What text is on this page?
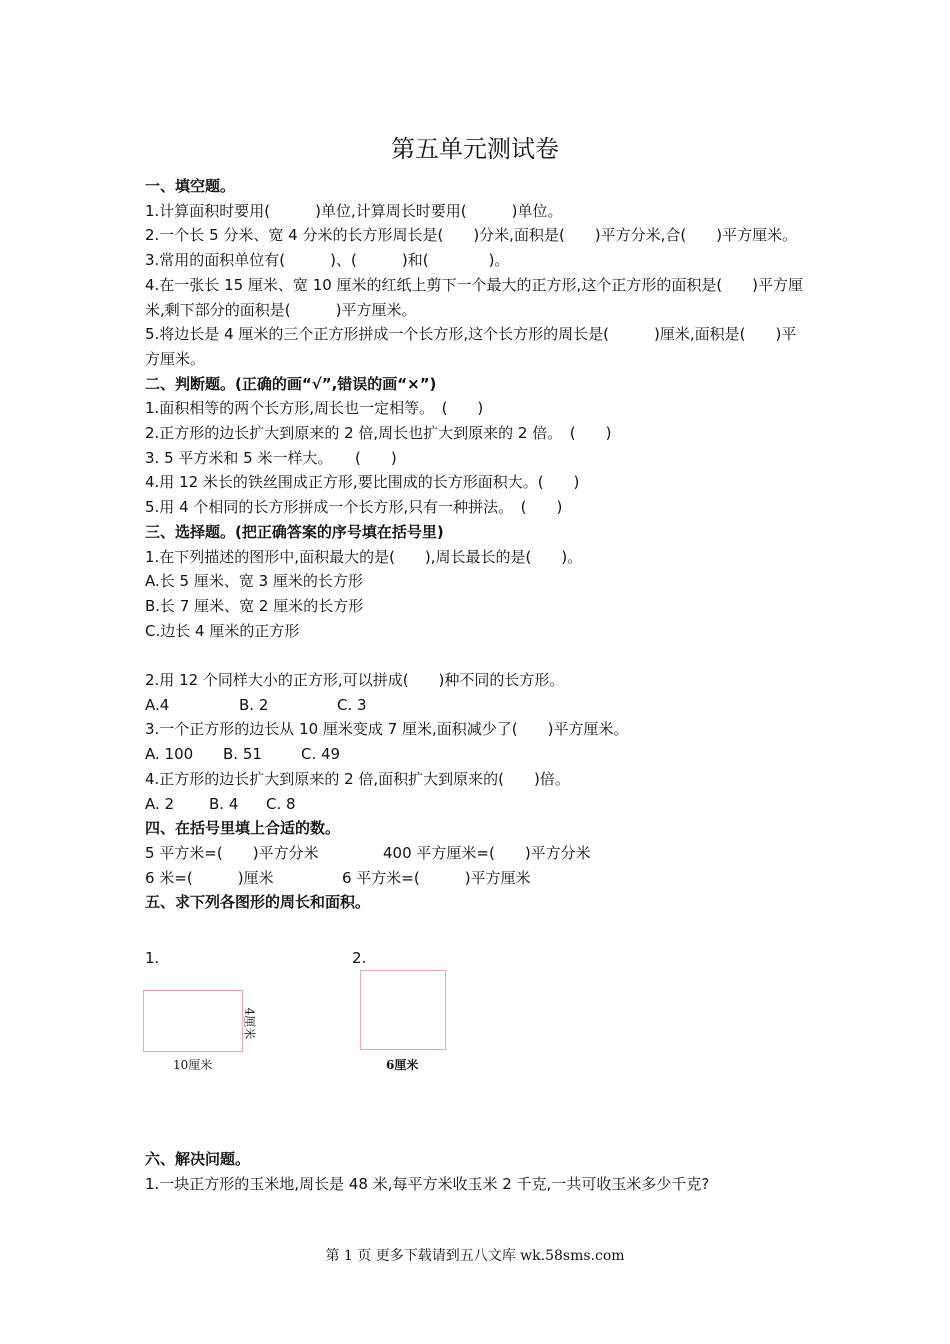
第五单元测试卷
一、填空题。
1.计算面积时要用(　　　)单位,计算周长时要用(　　　)单位。
2.一个长 5 分米、宽 4 分米的长方形周长是(　　)分米,面积是(　　)平方分米,合(　　)平方厘米。
3.常用的面积单位有(　　　)、(　　　)和(　　　　)。
4.在一张长 15 厘米、宽 10 厘米的红纸上剪下一个最大的正方形,这个正方形的面积是(　　)平方厘米,剩下部分的面积是(　　　)平方厘米。
5.将边长是 4 厘米的三个正方形拼成一个长方形,这个长方形的周长是(　　　)厘米,面积是(　　)平方厘米。
二、判断题。(正确的画“√”,错误的画“×”)
1.面积相等的两个长方形,周长也一定相等。　(　　)
2.正方形的边长扩大到原来的 2 倍,周长也扩大到原来的 2 倍。　(　　)
3. 5 平方米和 5 米一样大。　　(　　)
4.用 12 米长的铁丝围成正方形,要比围成的长方形面积大。(　　)
5.用 4 个相同的长方形拼成一个长方形,只有一种拼法。　(　　)
三、选择题。(把正确答案的序号填在括号里)
1.在下列描述的图形中,面积最大的是(　　),周长最长的是(　　)。
A.长 5 厘米、宽 3 厘米的长方形
B.长 7 厘米、宽 2 厘米的长方形
C.边长 4 厘米的正方形
2.用 12 个同样大小的正方形,可以拼成(　　)种不同的长方形。
A.4	B. 2	C. 3
3.一个正方形的边长从 10 厘米变成 7 厘米,面积减少了(　　)平方厘米。
A. 100 B. 51	C. 49
4.正方形的边长扩大到原来的 2 倍,面积扩大到原来的(　　)倍。
A. 2 B. 4 C. 8
四、在括号里填上合适的数。
5 平方米=(　　)平方分米	400 平方厘米=(　　)平方分米
6 米=(　　　)厘米	6 平方米=(　　　)平方厘米
五、求下列各图形的周长和面积。
1.	2.
10厘米
4厘米
6厘米
六、解决问题。
1.一块正方形的玉米地,周长是 48 米,每平方米收玉米 2 千克,一共可收玉米多少千克?
第 1 页 更多下载请到五八文库 wk.58sms.com
